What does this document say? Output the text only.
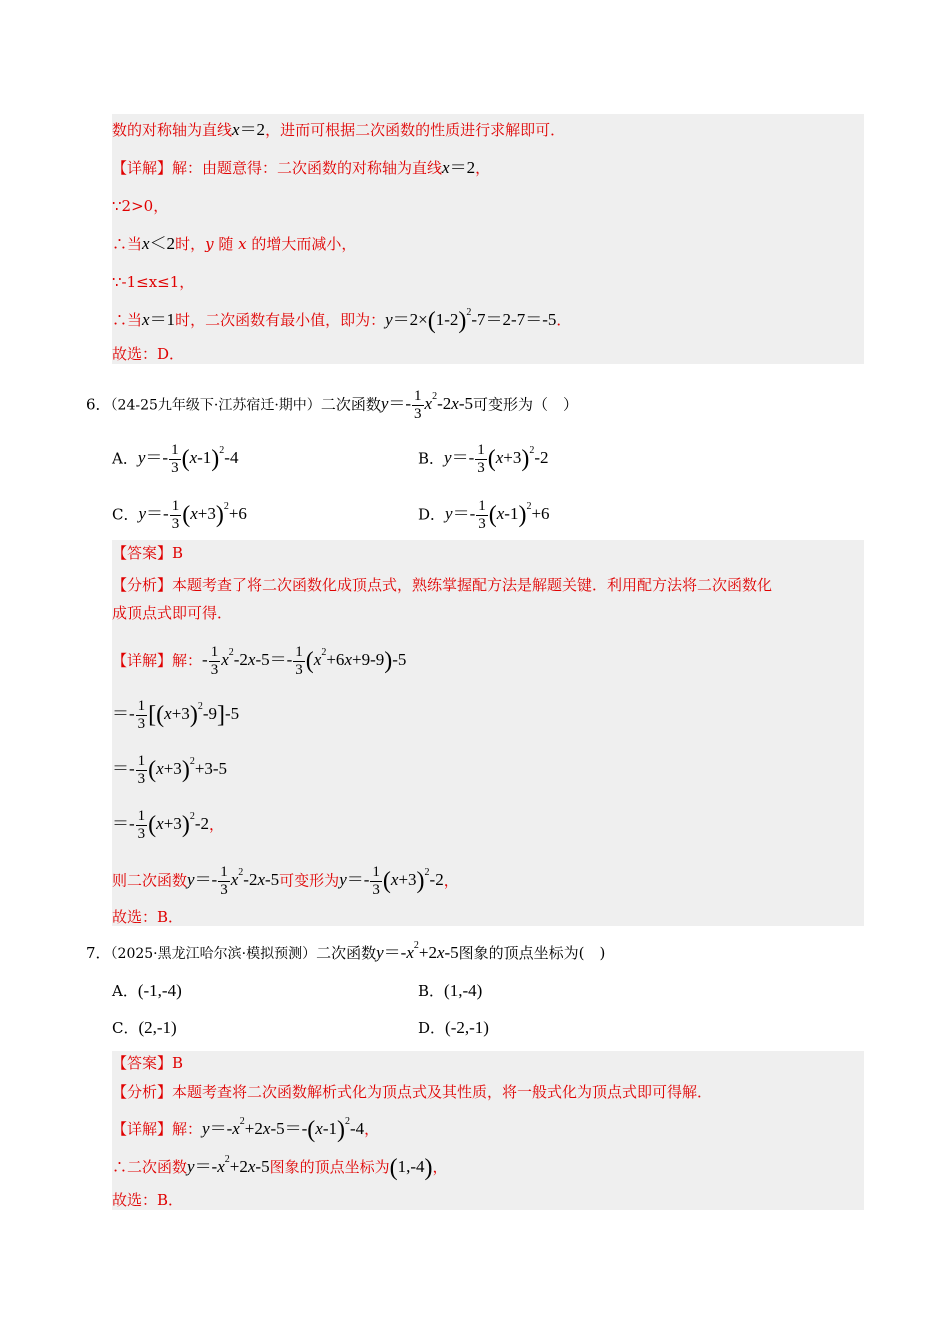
数的对称轴为直线x＝2，进而可根据二次函数的性质进行求解即可．
【详解】解：由题意得：二次函数的对称轴为直线x＝2，
∵2>0，
∴当x＜2时，y 随 x 的增大而减小，
∵-1≤x≤1，
∴当x＝1时，二次函数有最小值，即为：$y=2\times(1-2)^2-7=2-7=-5$．
故选：D．
6．（24-25九年级下·江苏宿迁·期中）二次函数$y=- \frac{1}{3} x^2-2x-5$可变形为（　）
A．$y=- \frac{1}{3} (x-1)^2-4$	B．$y=- \frac{1}{3} (x+3)^2-2$
C．$y=- \frac{1}{3} (x+3)^2+6$	D．$y=- \frac{1}{3} (x-1)^2+6$
【答案】B
【分析】本题考查了将二次函数化成顶点式，熟练掌握配方法是解题关键．利用配方法将二次函数化
成顶点式即可得．
【详解】解：- $\frac{1}{3} x^2-2x-5=- \frac{1}{3} (x^2+6x+9-9)-5$
＝- $\frac{1}{3} [(x+3)^2-9]-5$
＝- $\frac{1}{3} (x+3)^2+3-5$
＝- $\frac{1}{3} (x+3)^2-2$，
则二次函数$y=- \frac{1}{3} x^2-2x-5$可变形为$y=- \frac{1}{3} (x+3)^2-2$，
故选：B．
7．（2025·黑龙江哈尔滨·模拟预测）二次函数$y=-x^2+2x-5$图象的顶点坐标为(　)
A．(-1,-4)	B．(1,-4)
C．(2,-1)	D．(-2,-1)
【答案】B
【分析】本题考查将二次函数解析式化为顶点式及其性质，将一般式化为顶点式即可得解．
【详解】解：$y=-x^2+2x-5=-(x-1)^2-4$，
∴二次函数$y=-x^2+2x-5$图象的顶点坐标为(1,-4)，
故选：B．
